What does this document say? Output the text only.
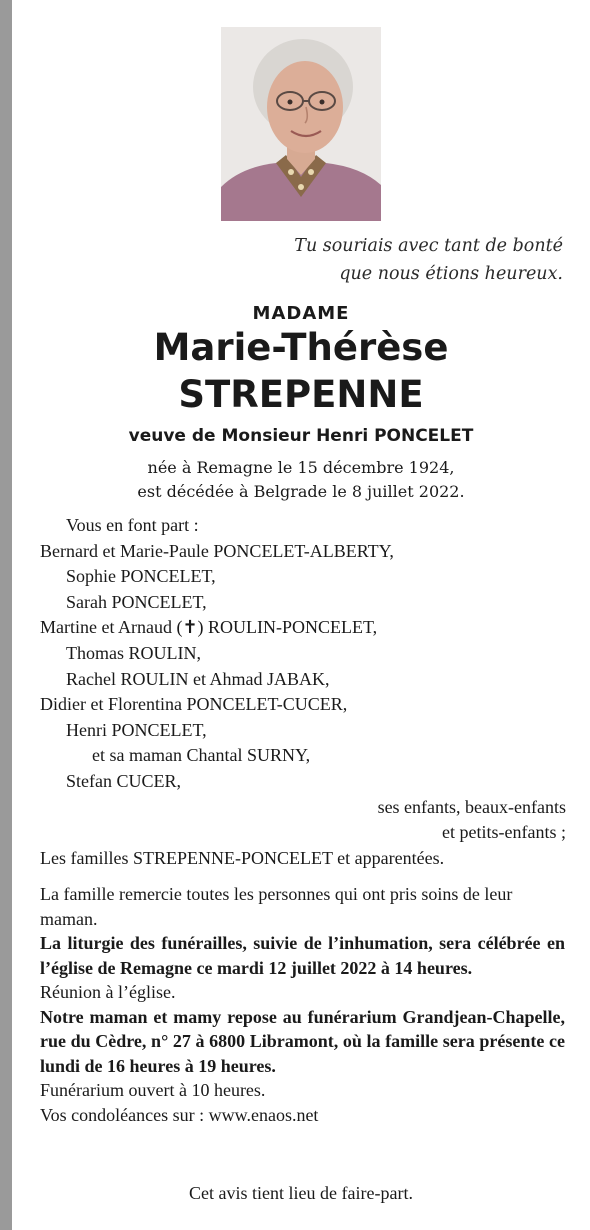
Tu souriais avec tant de bonté
que nous étions heureux.
MADAME
Marie-Thérèse
STREPENNE
veuve de Monsieur Henri PONCELET
née à Remagne le 15 décembre 1924,
est décédée à Belgrade le 8 juillet 2022.
Vous en font part :
Bernard et Marie-Paule PONCELET-ALBERTY,
Sophie PONCELET,
Sarah PONCELET,
Martine et Arnaud (✝) ROULIN-PONCELET,
Thomas ROULIN,
Rachel ROULIN et Ahmad JABAK,
Didier et Florentina PONCELET-CUCER,
Henri PONCELET,
et sa maman Chantal SURNY,
Stefan CUCER,
ses enfants, beaux-enfants
et petits-enfants ;
Les familles STREPENNE-PONCELET et apparentées.

La famille remercie toutes les personnes qui ont pris soins de leur maman.

La liturgie des funérailles, suivie de l’inhumation, sera célébrée en l’église de Remagne ce mardi 12 juillet 2022 à 14 heures.

Réunion à l’église.

Notre maman et mamy repose au funérarium Grandjean-Chapelle, rue du Cèdre, n° 27 à 6800 Libramont, où la famille sera présente ce lundi de 16 heures à 19 heures.

Funérarium ouvert à 10 heures.

Vos condoléances sur : www.enaos.net

Cet avis tient lieu de faire-part.
